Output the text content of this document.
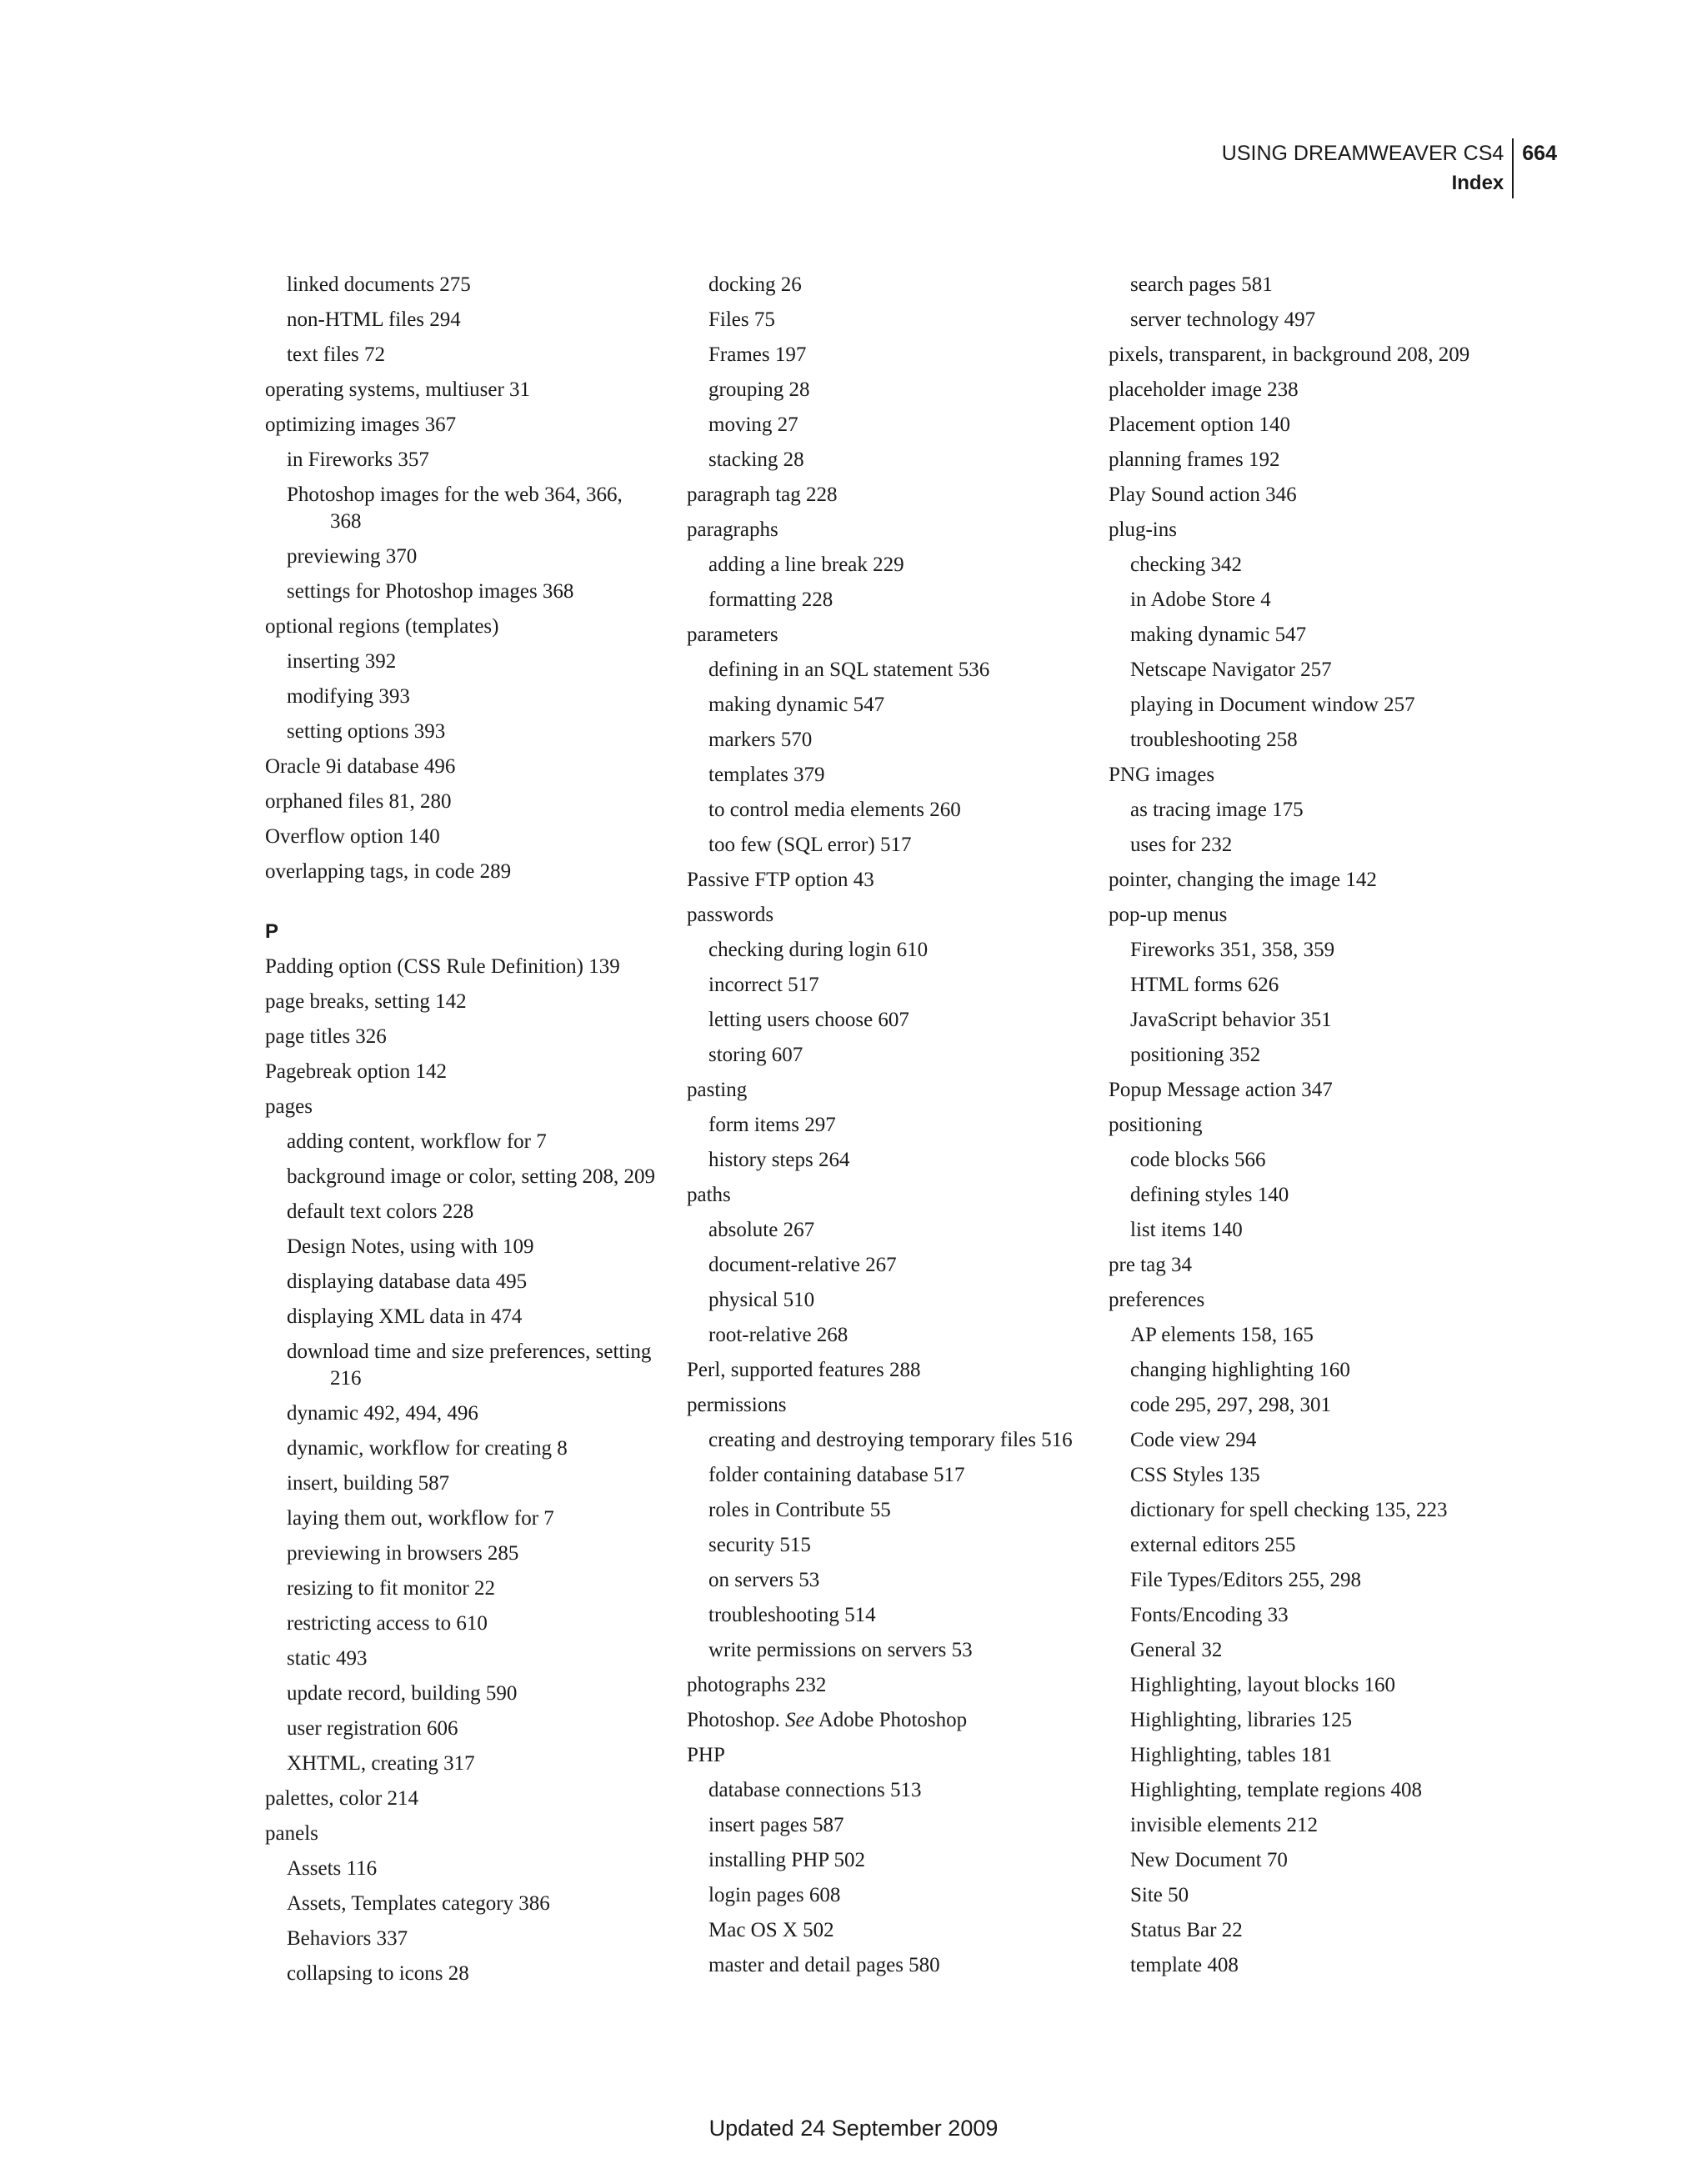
USING DREAMWEAVER CS4
Index
664
linked documents 275
non-HTML files 294
text files 72
operating systems, multiuser 31
optimizing images 367
in Fireworks 357
Photoshop images for the web 364, 366, 368
previewing 370
settings for Photoshop images 368
optional regions (templates)
inserting 392
modifying 393
setting options 393
Oracle 9i database 496
orphaned files 81, 280
Overflow option 140
overlapping tags, in code 289
P
Padding option (CSS Rule Definition) 139
page breaks, setting 142
page titles 326
Pagebreak option 142
pages
adding content, workflow for 7
background image or color, setting 208, 209
default text colors 228
Design Notes, using with 109
displaying database data 495
displaying XML data in 474
download time and size preferences, setting 216
dynamic 492, 494, 496
dynamic, workflow for creating 8
insert, building 587
laying them out, workflow for 7
previewing in browsers 285
resizing to fit monitor 22
restricting access to 610
static 493
update record, building 590
user registration 606
XHTML, creating 317
palettes, color 214
panels
Assets 116
Assets, Templates category 386
Behaviors 337
collapsing to icons 28
docking 26
Files 75
Frames 197
grouping 28
moving 27
stacking 28
paragraph tag 228
paragraphs
adding a line break 229
formatting 228
parameters
defining in an SQL statement 536
making dynamic 547
markers 570
templates 379
to control media elements 260
too few (SQL error) 517
Passive FTP option 43
passwords
checking during login 610
incorrect 517
letting users choose 607
storing 607
pasting
form items 297
history steps 264
paths
absolute 267
document-relative 267
physical 510
root-relative 268
Perl, supported features 288
permissions
creating and destroying temporary files 516
folder containing database 517
roles in Contribute 55
security 515
on servers 53
troubleshooting 514
write permissions on servers 53
photographs 232
Photoshop. See Adobe Photoshop
PHP
database connections 513
insert pages 587
installing PHP 502
login pages 608
Mac OS X 502
master and detail pages 580
search pages 581
server technology 497
pixels, transparent, in background 208, 209
placeholder image 238
Placement option 140
planning frames 192
Play Sound action 346
plug-ins
checking 342
in Adobe Store 4
making dynamic 547
Netscape Navigator 257
playing in Document window 257
troubleshooting 258
PNG images
as tracing image 175
uses for 232
pointer, changing the image 142
pop-up menus
Fireworks 351, 358, 359
HTML forms 626
JavaScript behavior 351
positioning 352
Popup Message action 347
positioning
code blocks 566
defining styles 140
list items 140
pre tag 34
preferences
AP elements 158, 165
changing highlighting 160
code 295, 297, 298, 301
Code view 294
CSS Styles 135
dictionary for spell checking 135, 223
external editors 255
File Types/Editors 255, 298
Fonts/Encoding 33
General 32
Highlighting, layout blocks 160
Highlighting, libraries 125
Highlighting, tables 181
Highlighting, template regions 408
invisible elements 212
New Document 70
Site 50
Status Bar 22
template 408
Updated 24 September 2009
